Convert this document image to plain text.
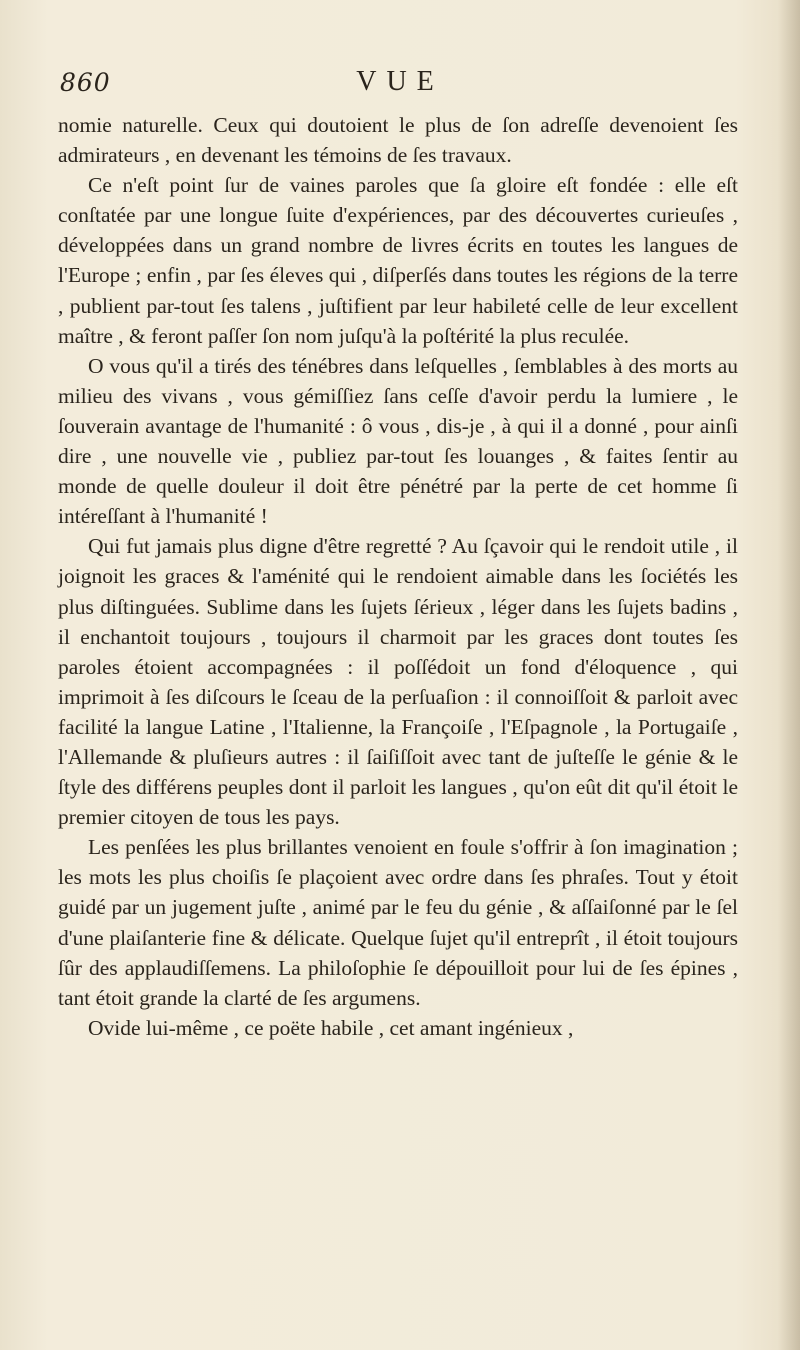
860	VUE

nomie naturelle. Ceux qui doutoient le plus de ſon adreſſe devenoient ſes admirateurs , en devenant les témoins de ſes travaux.

Ce n'eſt point ſur de vaines paroles que ſa gloire eſt fondée : elle eſt conſtatée par une longue ſuite d'expériences, par des découvertes curieuſes , développées dans un grand nombre de livres écrits en toutes les langues de l'Europe ; enfin , par ſes éleves qui , diſperſés dans toutes les régions de la terre , publient par-tout ſes talens , juſtifient par leur habileté celle de leur excellent maître , & feront paſſer ſon nom juſqu'à la poſtérité la plus reculée.

O vous qu'il a tirés des ténébres dans leſquelles , ſemblables à des morts au milieu des vivans , vous gémiſſiez ſans ceſſe d'avoir perdu la lumiere , le ſouverain avantage de l'humanité : ô vous , dis-je , à qui il a donné , pour ainſi dire , une nouvelle vie , publiez par-tout ſes louanges , & faites ſentir au monde de quelle douleur il doit être pénétré par la perte de cet homme ſi intéreſſant à l'humanité !

Qui fut jamais plus digne d'être regretté ? Au ſçavoir qui le rendoit utile , il joignoit les graces & l'aménité qui le rendoient aimable dans les ſociétés les plus diſtinguées. Sublime dans les ſujets ſérieux , léger dans les ſujets badins , il enchantoit toujours , toujours il charmoit par les graces dont toutes ſes paroles étoient accompagnées : il poſſédoit un fond d'éloquence , qui imprimoit à ſes diſcours le ſceau de la perſuaſion : il connoiſſoit & parloit avec facilité la langue Latine , l'Italienne, la Françoiſe , l'Eſpagnole , la Portugaiſe , l'Allemande & pluſieurs autres : il ſaiſiſſoit avec tant de juſteſſe le génie & le ſtyle des différens peuples dont il parloit les langues , qu'on eût dit qu'il étoit le premier citoyen de tous les pays.

Les penſées les plus brillantes venoient en foule s'offrir à ſon imagination ; les mots les plus choiſis ſe plaçoient avec ordre dans ſes phraſes. Tout y étoit guidé par un jugement juſte , animé par le feu du génie , & aſſaiſonné par le ſel d'une plaiſanterie fine & délicate. Quelque ſujet qu'il entreprît , il étoit toujours ſûr des applaudiſſemens. La philoſophie ſe dépouilloit pour lui de ſes épines , tant étoit grande la clarté de ſes argumens.

Ovide lui-même , ce poëte habile , cet amant ingénieux ,
